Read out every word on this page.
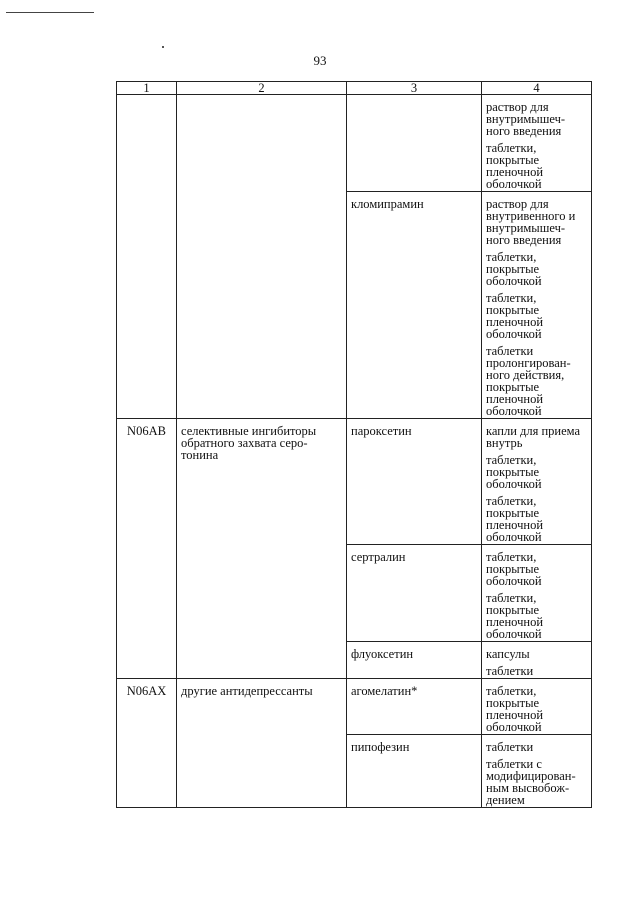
93
1	2	3	4

			раствор для внутримышеч-ного введения
таблетки, покрытые пленочной оболочкой

		кломипрамин	раствор для внутривенного и внутримышеч-ного введения
таблетки, покрытые оболочкой
таблетки, покрытые пленочной оболочкой
таблетки пролонгирован-ного действия, покрытые пленочной оболочкой

N06AB	селективные ингибиторы обратного захвата серо-тонина	пароксетин	капли для приема внутрь
таблетки, покрытые оболочкой
таблетки, покрытые пленочной оболочкой

		сертралин	таблетки, покрытые оболочкой
таблетки, покрытые пленочной оболочкой

		флуоксетин	капсулы
таблетки

N06AX	другие антидепрессанты	агомелатин*	таблетки, покрытые пленочной оболочкой

		пипофезин	таблетки
таблетки с модифицирован-ным высвобож-дением
